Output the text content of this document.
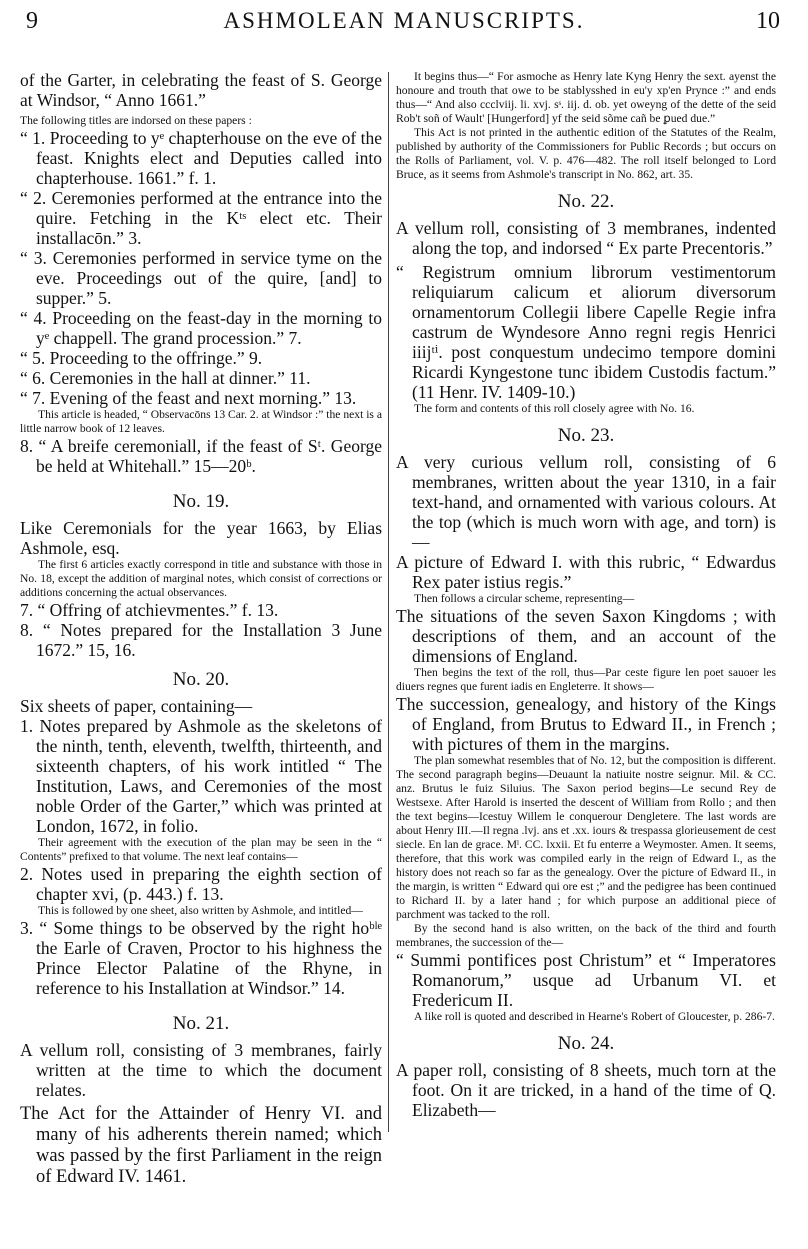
9	ASHMOLEAN MANUSCRIPTS.	10

of the Garter, in celebrating the feast of S. George at Windsor, “ Anno 1661.”

The following titles are indorsed on these papers :

“ 1. Proceeding to yᵉ chapterhouse on the eve of the feast. Knights elect and Deputies called into chapterhouse. 1661.” f. 1.

“ 2. Ceremonies performed at the entrance into the quire. Fetching in the Kᵗˢ elect etc. Their installacōn.” 3.

“ 3. Ceremonies performed in service tyme on the eve. Proceedings out of the quire, [and] to supper.” 5.

“ 4. Proceeding on the feast-day in the morning to yᵉ chappell. The grand procession.” 7.

“ 5. Proceeding to the offringe.” 9.

“ 6. Ceremonies in the hall at dinner.” 11.

“ 7. Evening of the feast and next morning.” 13.

This article is headed, “ Observacōns 13 Car. 2. at Windsor :” the next is a little narrow book of 12 leaves.

8. “ A breife ceremoniall, if the feast of Sᵗ. George be held at Whitehall.” 15—20ᵇ.

No. 19.

Like Ceremonials for the year 1663, by Elias Ashmole, esq.

The first 6 articles exactly correspond in title and substance with those in No. 18, except the addition of marginal notes, which consist of corrections or additions concerning the actual observances.

7. “ Offring of atchievmentes.” f. 13.

8. “ Notes prepared for the Installation 3 June 1672.” 15, 16.

No. 20.

Six sheets of paper, containing—

1. Notes prepared by Ashmole as the skeletons of the ninth, tenth, eleventh, twelfth, thirteenth, and sixteenth chapters, of his work intitled “ The Institution, Laws, and Ceremonies of the most noble Order of the Garter,” which was printed at London, 1672, in folio.

Their agreement with the execution of the plan may be seen in the “ Contents” prefixed to that volume. The next leaf contains—

2. Notes used in preparing the eighth section of chapter xvi, (p. 443.) f. 13.

This is followed by one sheet, also written by Ashmole, and intitled—

3. “ Some things to be observed by the right hoᵇˡᵉ the Earle of Craven, Proctor to his highness the Prince Elector Palatine of the Rhyne, in reference to his Installation at Windsor.” 14.

No. 21.

A vellum roll, consisting of 3 membranes, fairly written at the time to which the document relates.

The Act for the Attainder of Henry VI. and many of his adherents therein named; which was passed by the first Parliament in the reign of Edward IV. 1461.

It begins thus—“ For asmoche as Henry late Kyng Henry the sext. ayenst the honoure and trouth that owe to be stablysshed in eu'y xp'en Prynce :” and ends thus—“ And also ccclviij. li. xvj. sˢ. iij. d. ob. yet oweyng of the dette of the seid Rob't soñ of Wault' [Hungerford] yf the seid sõme cañ be ꝑued due.”

This Act is not printed in the authentic edition of the Statutes of the Realm, published by authority of the Commissioners for Public Records ; but occurs on the Rolls of Parliament, vol. V. p. 476—482. The roll itself belonged to Lord Bruce, as it seems from Ashmole's transcript in No. 862, art. 35.

No. 22.

A vellum roll, consisting of 3 membranes, indented along the top, and indorsed “ Ex parte Precentoris.”

“ Registrum omnium librorum vestimentorum reliquiarum calicum et aliorum diversorum ornamentorum Collegii libere Capelle Regie infra castrum de Wyndesore Anno regni regis Henrici iiijᵗⁱ. post conquestum undecimo tempore domini Ricardi Kyngestone tunc ibidem Custodis factum.” (11 Henr. IV. 1409-10.)

The form and contents of this roll closely agree with No. 16.

No. 23.

A very curious vellum roll, consisting of 6 membranes, written about the year 1310, in a fair text-hand, and ornamented with various colours. At the top (which is much worn with age, and torn) is—

A picture of Edward I. with this rubric, “ Edwardus Rex pater istius regis.”

Then follows a circular scheme, representing—

The situations of the seven Saxon Kingdoms ; with descriptions of them, and an account of the dimensions of England.

Then begins the text of the roll, thus—Par ceste figure len poet sauoer les diuers regnes que furent iadis en Engleterre. It shows—

The succession, genealogy, and history of the Kings of England, from Brutus to Edward II., in French ; with pictures of them in the margins.

The plan somewhat resembles that of No. 12, but the composition is different. The second paragraph begins—Deuaunt la natiuite nostre seignur. Mil. & CC. anz. Brutus le fuiz Siluius. The Saxon period begins—Le secund Rey de Westsexe. After Harold is inserted the descent of William from Rollo ; and then the text begins—Icestuy Willem le conquerour Dengletere. The last words are about Henry III.—Il regna .lvj. ans et .xx. iours & trespassa glorieusement de cest siecle. En lan de grace. Mˡ. CC. lxxii. Et fu enterre a Weymoster. Amen. It seems, therefore, that this work was compiled early in the reign of Edward I., as the history does not reach so far as the genealogy. Over the picture of Edward II., in the margin, is written “ Edward qui ore est ;” and the pedigree has been continued to Richard II. by a later hand ; for which purpose an additional piece of parchment was tacked to the roll.

By the second hand is also written, on the back of the third and fourth membranes, the succession of the—

“ Summi pontifices post Christum” et “ Imperatores Romanorum,” usque ad Urbanum VI. et Fredericum II.

A like roll is quoted and described in Hearne's Robert of Gloucester, p. 286-7.

No. 24.

A paper roll, consisting of 8 sheets, much torn at the foot. On it are tricked, in a hand of the time of Q. Elizabeth—
